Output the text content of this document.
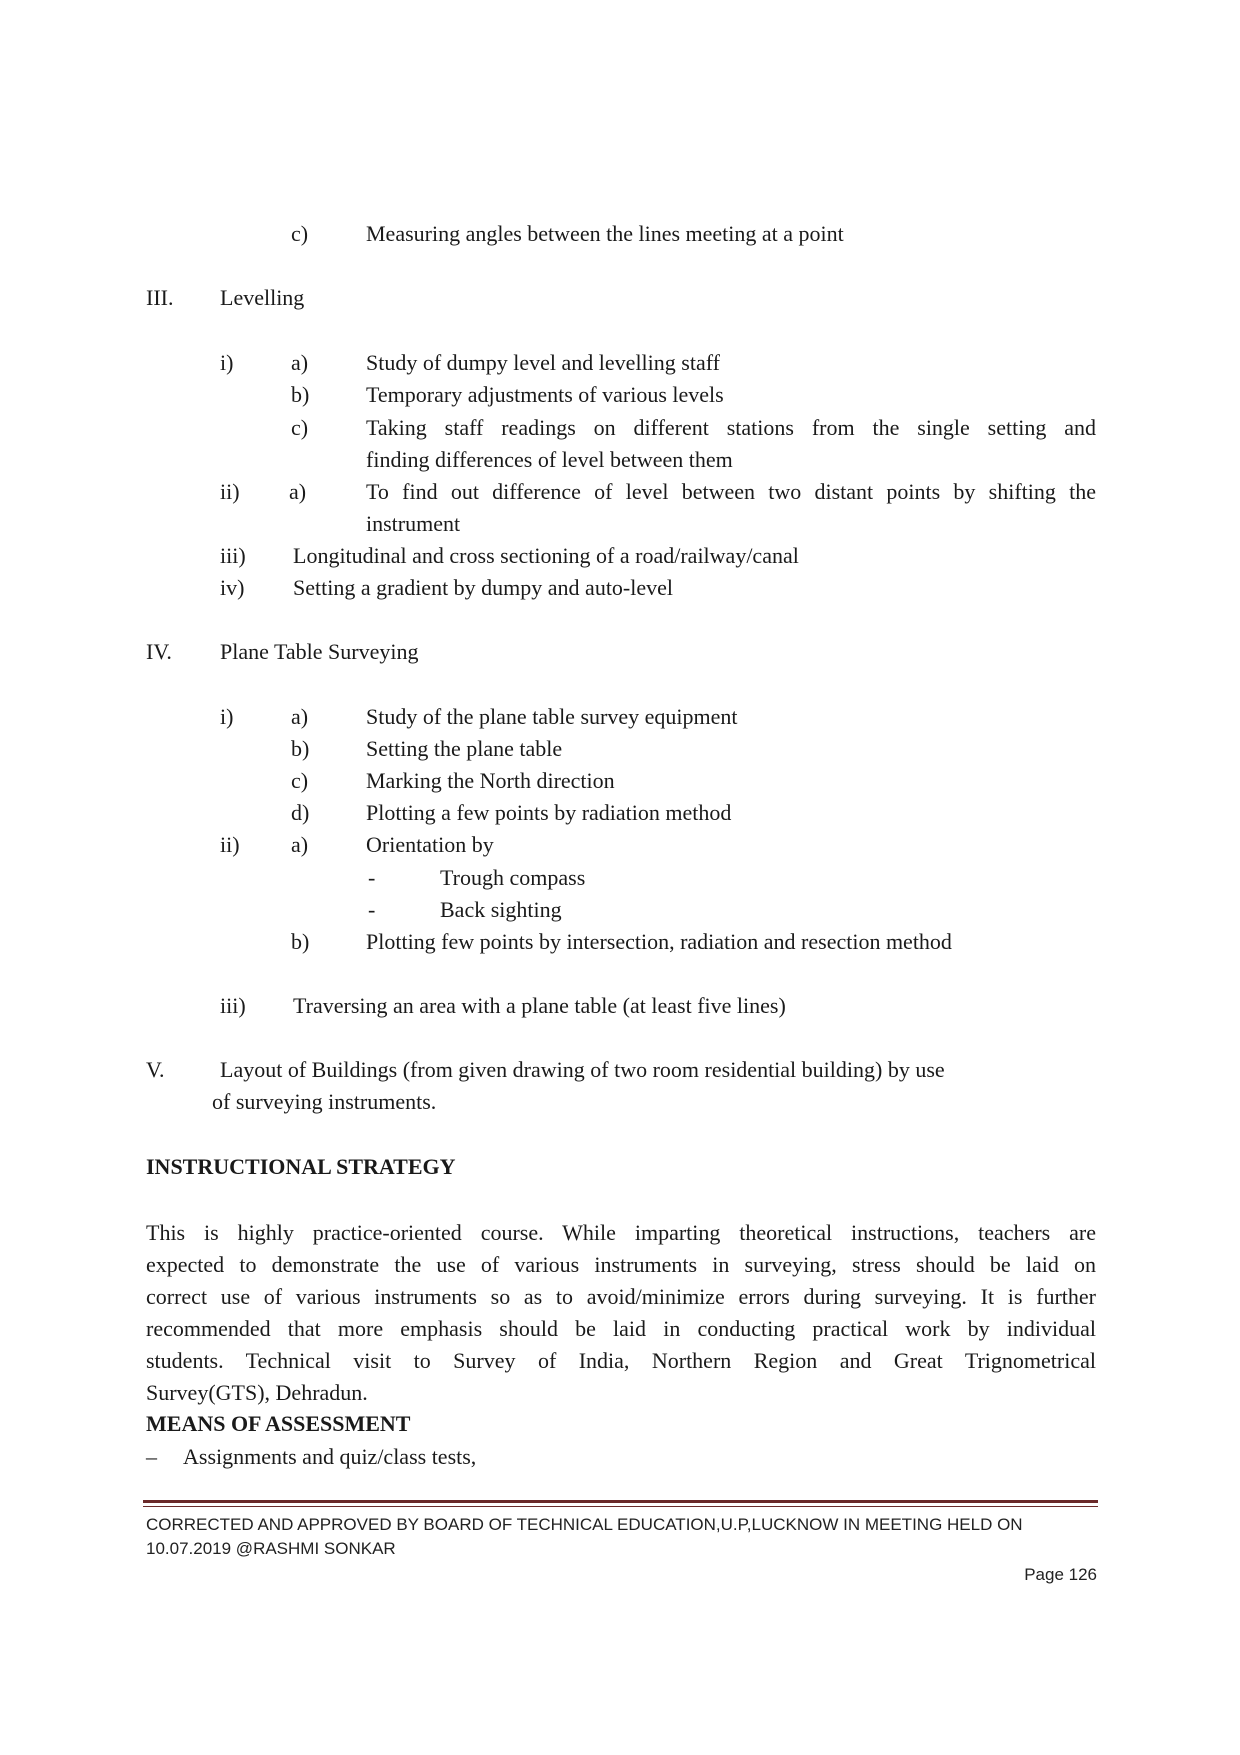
c)	Measuring angles between the lines meeting at a point
III. Levelling
i)	a)	Study of dumpy level and levelling staff
b)	Temporary adjustments of various levels
c)	Taking staff readings on different stations from the single setting and
finding differences of level between them
ii) a)	To find out difference of level between two distant points by shifting the
instrument
iii) Longitudinal and cross sectioning of a road/railway/canal
iv) Setting a gradient by dumpy and auto-level
IV. Plane Table Surveying
i)	a)	Study of the plane table survey equipment
b)	Setting the plane table
c)	Marking the North direction
d)	Plotting a few points by radiation method
ii) a)	Orientation by
-	Trough compass
-	Back sighting
b)	Plotting few points by intersection, radiation and resection method
iii) Traversing an area with a plane table (at least five lines)
V.	Layout of Buildings (from given drawing of two room residential building) by use
of surveying instruments.
INSTRUCTIONAL STRATEGY
This is highly practice-oriented course. While imparting theoretical instructions, teachers are
expected to demonstrate the use of various instruments in surveying, stress should be laid on
correct use of various instruments so as to avoid/minimize errors during surveying. It is further
recommended that more emphasis should be laid in conducting practical work by individual
students. Technical visit to Survey of India, Northern Region and Great Trignometrical
Survey(GTS), Dehradun.
MEANS OF ASSESSMENT
– Assignments and quiz/class tests,
CORRECTED AND APPROVED BY BOARD OF TECHNICAL EDUCATION,U.P,LUCKNOW IN MEETING HELD ON
10.07.2019 @RASHMI SONKAR
Page 126
